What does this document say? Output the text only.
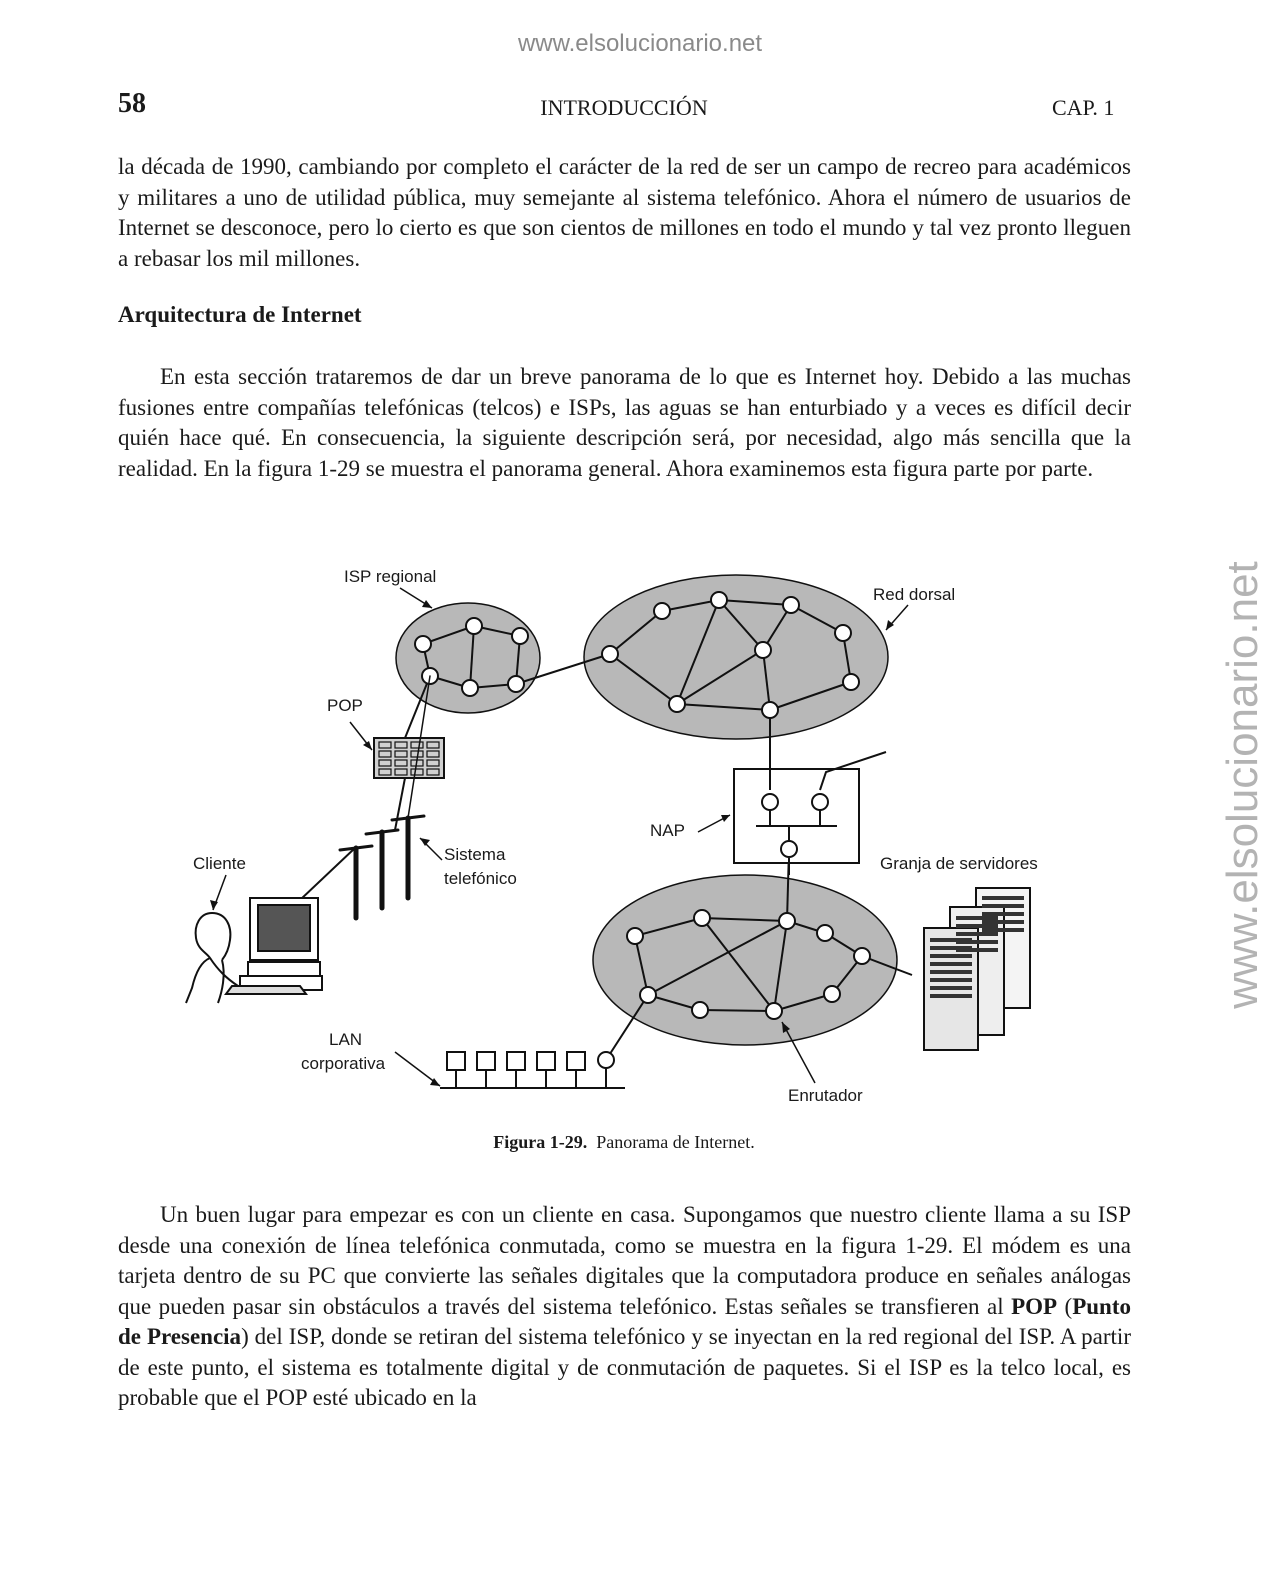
www.elsolucionario.net
www.elsolucionario.net
58	INTRODUCCIÓN	CAP. 1

la década de 1990, cambiando por completo el carácter de la red de ser un campo de recreo para académicos y militares a uno de utilidad pública, muy semejante al sistema telefónico. Ahora el número de usuarios de Internet se desconoce, pero lo cierto es que son cientos de millones en todo el mundo y tal vez pronto lleguen a rebasar los mil millones.

Arquitectura de Internet

En esta sección trataremos de dar un breve panorama de lo que es Internet hoy. Debido a las muchas fusiones entre compañías telefónicas (telcos) e ISPs, las aguas se han enturbiado y a veces es difícil decir quién hace qué. En consecuencia, la siguiente descripción será, por necesidad, algo más sencilla que la realidad. En la figura 1-29 se muestra el panorama general. Ahora examinemos esta figura parte por parte.

ISP regional
Red dorsal
POP
NAP
Cliente	Sistema
telefónico
Granja de servidores
LAN
corporativa
Enrutador
Figura 1-29. Panorama de Internet.

Un buen lugar para empezar es con un cliente en casa. Supongamos que nuestro cliente llama a su ISP desde una conexión de línea telefónica conmutada, como se muestra en la figura 1-29. El módem es una tarjeta dentro de su PC que convierte las señales digitales que la computadora produce en señales análogas que pueden pasar sin obstáculos a través del sistema telefónico. Estas señales se transfieren al POP (Punto de Presencia) del ISP, donde se retiran del sistema telefónico y se inyectan en la red regional del ISP. A partir de este punto, el sistema es totalmente digital y de conmutación de paquetes. Si el ISP es la telco local, es probable que el POP esté ubicado en la
